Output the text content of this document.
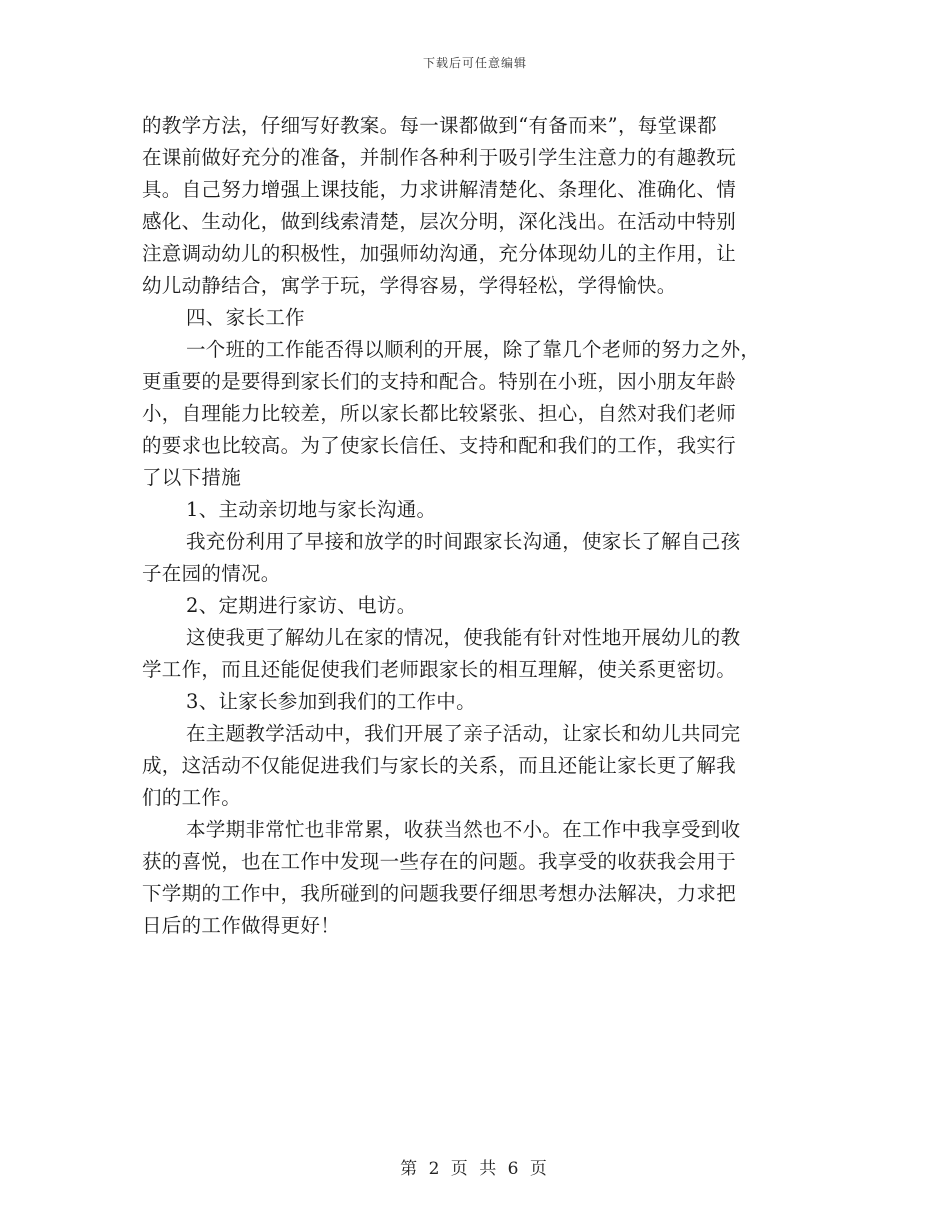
下载后可任意编辑
的教学方法，仔细写好教案。每一课都做到“有备而来”，每堂课都
在课前做好充分的准备，并制作各种利于吸引学生注意力的有趣教玩
具。自己努力增强上课技能，力求讲解清楚化、条理化、准确化、情
感化、生动化，做到线索清楚，层次分明，深化浅出。在活动中特别
注意调动幼儿的积极性，加强师幼沟通，充分体现幼儿的主作用，让
幼儿动静结合，寓学于玩，学得容易，学得轻松，学得愉快。
四、家长工作
一个班的工作能否得以顺利的开展，除了靠几个老师的努力之外，
更重要的是要得到家长们的支持和配合。特别在小班，因小朋友年龄
小，自理能力比较差，所以家长都比较紧张、担心，自然对我们老师
的要求也比较高。为了使家长信任、支持和配和我们的工作，我实行
了以下措施
1、主动亲切地与家长沟通。
我充份利用了早接和放学的时间跟家长沟通，使家长了解自己孩
子在园的情况。
2、定期进行家访、电访。
这使我更了解幼儿在家的情况，使我能有针对性地开展幼儿的教
学工作，而且还能促使我们老师跟家长的相互理解，使关系更密切。
3、让家长参加到我们的工作中。
在主题教学活动中，我们开展了亲子活动，让家长和幼儿共同完
成，这活动不仅能促进我们与家长的关系，而且还能让家长更了解我
们的工作。
本学期非常忙也非常累，收获当然也不小。在工作中我享受到收
获的喜悦，也在工作中发现一些存在的问题。我享受的收获我会用于
下学期的工作中，我所碰到的问题我要仔细思考想办法解决，力求把
日后的工作做得更好！
第 2 页 共 6 页
